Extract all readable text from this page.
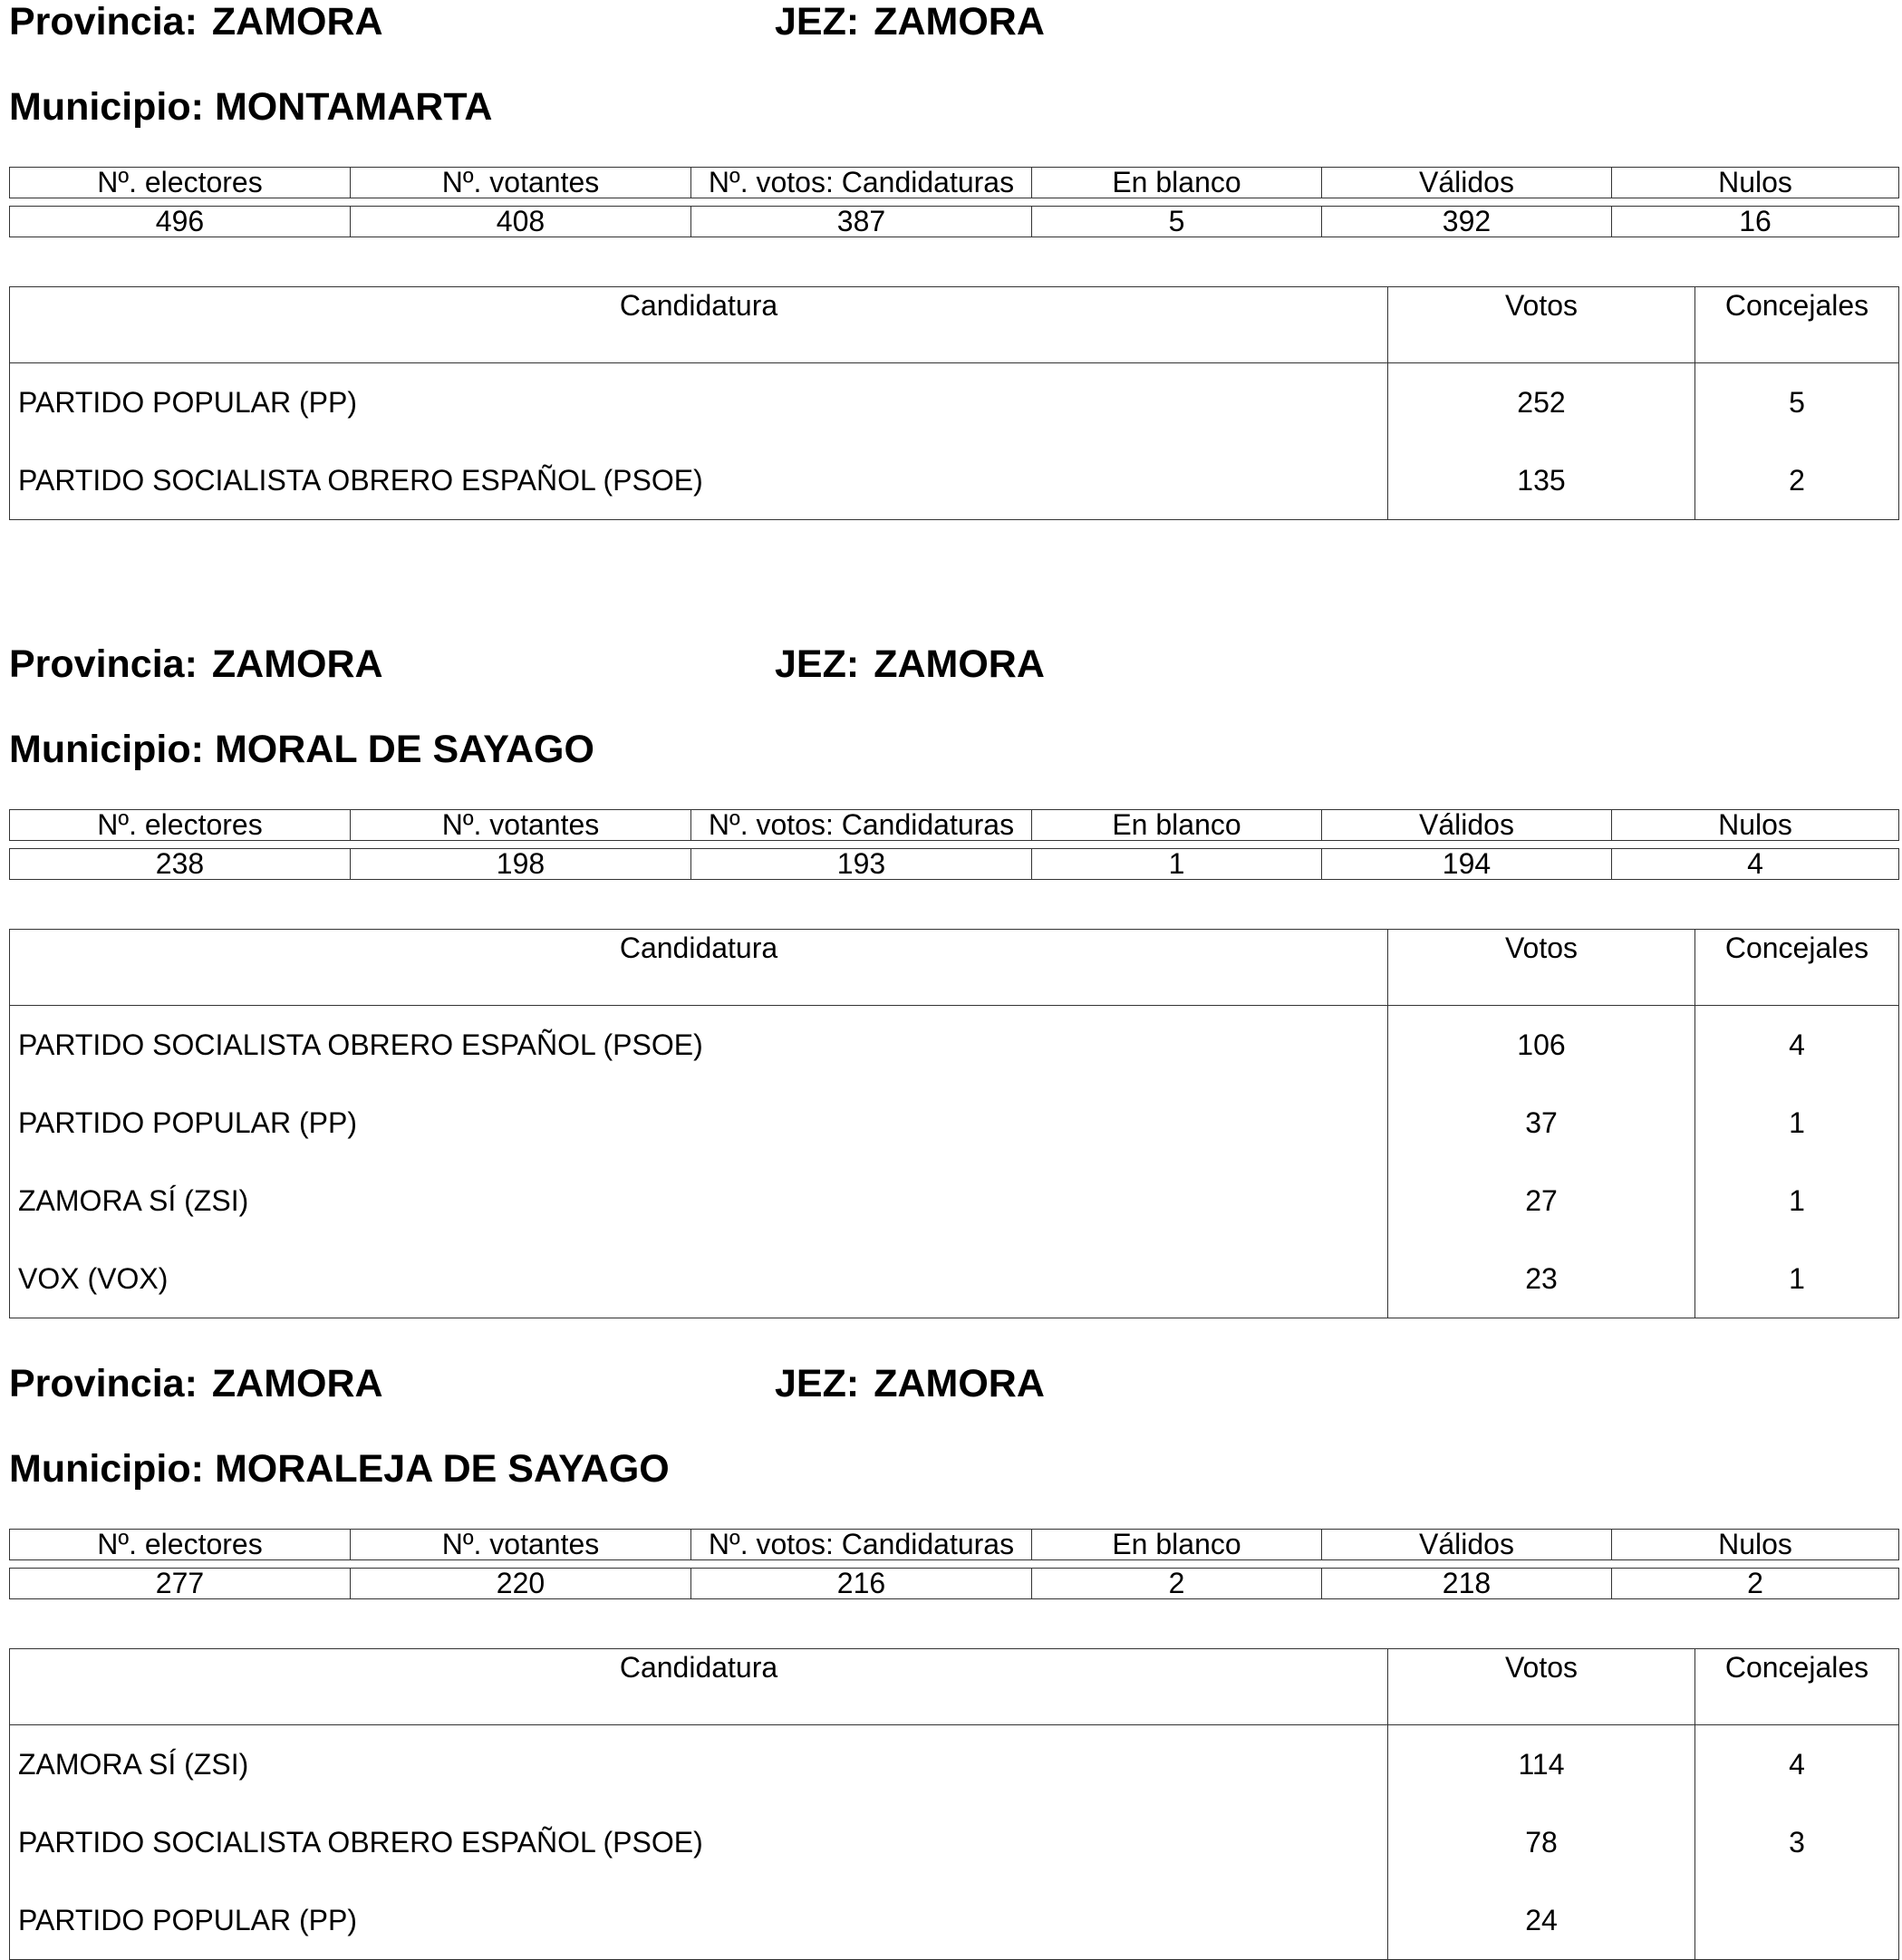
Provincia: ZAMORA	JEZ: ZAMORA
Municipio: MONTAMARTA
Nº. electores	Nº. votantes	Nº. votos: Candidaturas	En blanco	Válidos	Nulos

496	408	387	5	392	16
Candidatura	Votos	Concejales
PARTIDO POPULAR (PP)	252	5
PARTIDO SOCIALISTA OBRERO ESPAÑOL (PSOE)	135	2
Provincia: ZAMORA	JEZ: ZAMORA
Municipio: MORAL DE SAYAGO
Nº. electores	Nº. votantes	Nº. votos: Candidaturas	En blanco	Válidos	Nulos

238	198	193	1	194	4
Candidatura	Votos	Concejales
PARTIDO SOCIALISTA OBRERO ESPAÑOL (PSOE)	106	4
PARTIDO POPULAR (PP)	37	1
ZAMORA SÍ (ZSI)	27	1
VOX (VOX)	23	1
Provincia: ZAMORA	JEZ: ZAMORA
Municipio: MORALEJA DE SAYAGO
Nº. electores	Nº. votantes	Nº. votos: Candidaturas	En blanco	Válidos	Nulos

277	220	216	2	218	2
Candidatura	Votos	Concejales
ZAMORA SÍ (ZSI)	114	4
PARTIDO SOCIALISTA OBRERO ESPAÑOL (PSOE)	78	3
PARTIDO POPULAR (PP)	24	
